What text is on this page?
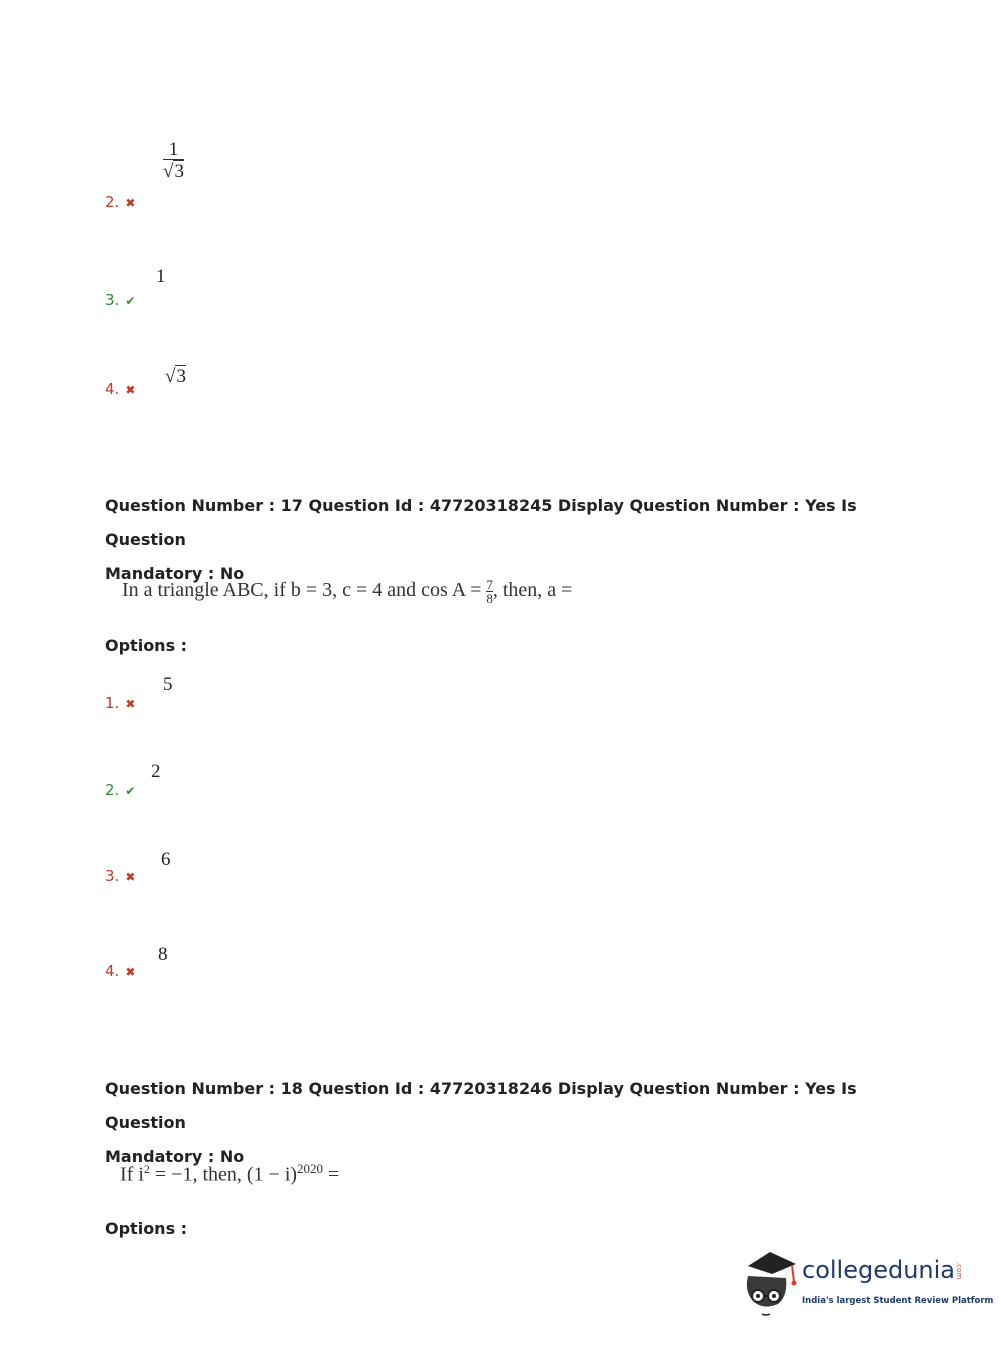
2. ✖
$\frac{1}{√3}$
3. ✔
1
4. ✖
√3
Question Number : 17 Question Id : 47720318245 Display Question Number : Yes Is Question
Mandatory : No
In a triangle ABC, if b = 3, c = 4 and $\cos A = \frac{7}{8}$ , then, a =
Options :
1. ✖
5
2. ✔
2
3. ✖
6
4. ✖
8
Question Number : 18 Question Id : 47720318246 Display Question Number : Yes Is Question
Mandatory : No
If $i^2 = -1$, then, $(1 - i)^{2020}$ =
Options :
collegedunia.com
India's largest Student Review Platform
